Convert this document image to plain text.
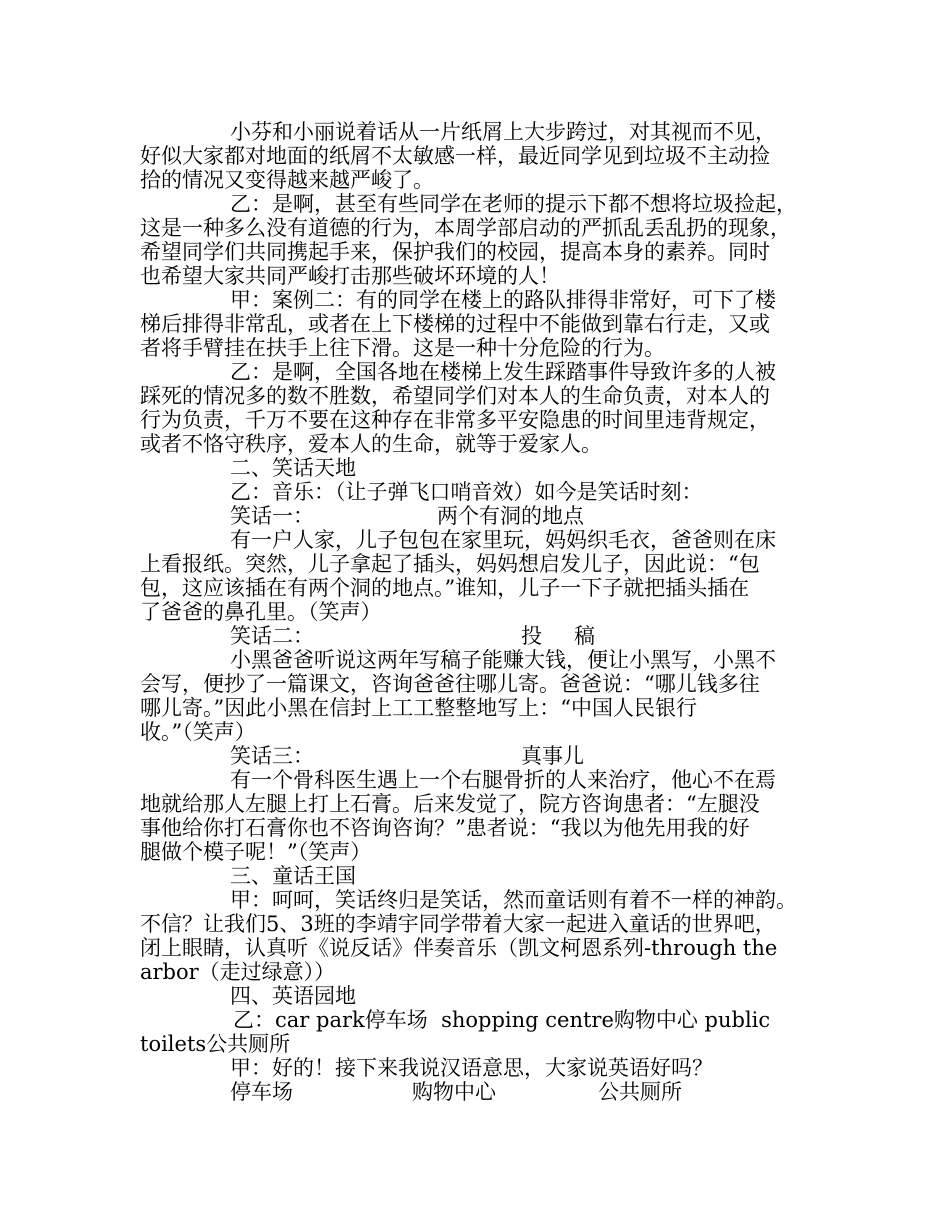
小芬和小丽说着话从一片纸屑上大步跨过，对其视而不见，

好似大家都对地面的纸屑不太敏感一样，最近同学见到垃圾不主动捡

拾的情况又变得越来越严峻了。

乙：是啊，甚至有些同学在老师的提示下都不想将垃圾捡起，

这是一种多么没有道德的行为，本周学部启动的严抓乱丢乱扔的现象，

希望同学们共同携起手来，保护我们的校园，提高本身的素养。同时

也希望大家共同严峻打击那些破坏环境的人！

甲：案例二：有的同学在楼上的路队排得非常好，可下了楼

梯后排得非常乱，或者在上下楼梯的过程中不能做到靠右行走，又或

者将手臂挂在扶手上往下滑。这是一种十分危险的行为。

乙：是啊，全国各地在楼梯上发生踩踏事件导致许多的人被

踩死的情况多的数不胜数，希望同学们对本人的生命负责，对本人的

行为负责，千万不要在这种存在非常多平安隐患的时间里违背规定，

或者不恪守秩序，爱本人的生命，就等于爱家人。

二、笑话天地

乙：音乐：（让子弹飞口哨音效）如今是笑话时刻：

笑话一：	两个有洞的地点

有一户人家，儿子包包在家里玩，妈妈织毛衣，爸爸则在床

上看报纸。突然，儿子拿起了插头，妈妈想启发儿子，因此说：“包

包，这应该插在有两个洞的地点。”谁知，儿子一下子就把插头插在

了爸爸的鼻孔里。（笑声）

笑话二：	投 稿

小黑爸爸听说这两年写稿子能赚大钱，便让小黑写，小黑不

会写，便抄了一篇课文，咨询爸爸往哪儿寄。爸爸说：“哪儿钱多往

哪儿寄。”因此小黑在信封上工工整整地写上：“中国人民银行

收。”（笑声）

笑话三：	真事儿

有一个骨科医生遇上一个右腿骨折的人来治疗，他心不在焉

地就给那人左腿上打上石膏。后来发觉了，院方咨询患者：“左腿没

事他给你打石膏你也不咨询咨询？”患者说：“我以为他先用我的好

腿做个模子呢！”（笑声）

三、童话王国

甲：呵呵，笑话终归是笑话，然而童话则有着不一样的神韵。

不信？让我们5、3班的李靖宇同学带着大家一起进入童话的世界吧，

闭上眼睛，认真听《说反话》伴奏音乐（凯文柯恩系列-through the

arbor（走过绿意））

四、英语园地

乙：car park停车场  shopping centre购物中心 public

toilets公共厕所

甲：好的！接下来我说汉语意思，大家说英语好吗？

停车场	购物中心	公共厕所
